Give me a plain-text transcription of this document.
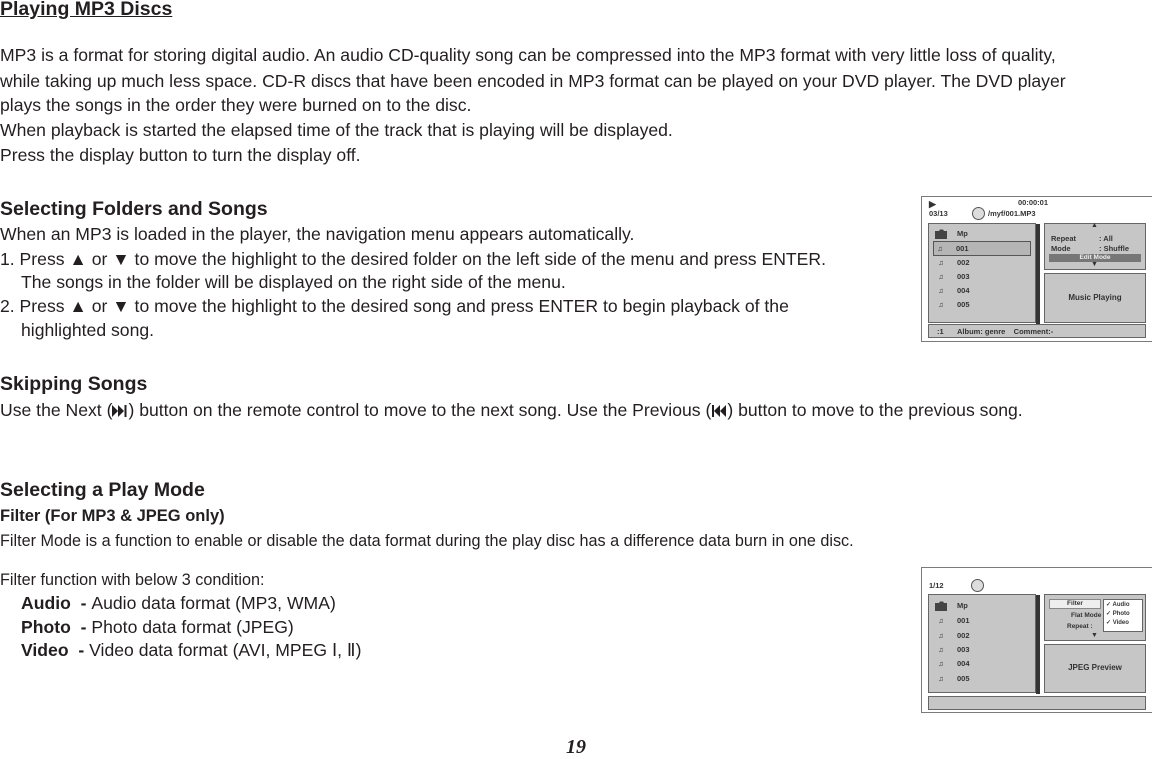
Playing MP3 Discs
MP3 is a format for storing digital audio. An audio CD-quality song can be compressed into the MP3 format with very little loss of quality,
while taking up much less space. CD-R discs that have been encoded in MP3 format can be played on your DVD player. The DVD player
plays the songs in the order they were burned on to the disc.
When playback is started the elapsed time of the track that is playing will be displayed.
Press the display button to turn the display off.
Selecting Folders and Songs
When an MP3 is loaded in the player, the navigation menu appears automatically.
1. Press ▲ or ▼ to move the highlight to the desired folder on the left side of the menu and press ENTER.
The songs in the folder will be displayed on the right side of the menu.
2. Press ▲ or ▼ to move the highlight to the desired song and press ENTER to begin playback of the
highlighted song.
Skipping Songs
Use the Next ( ) button on the remote control to move to the next song. Use the Previous ( ) button to move to the previous song.
Selecting a Play Mode
Filter (For MP3 & JPEG only)
Filter Mode is a function to enable or disable the data format during the play disc has a difference data burn in one disc.
Filter function with below 3 condition:
Audio  - Audio data format (MP3, WMA)
Photo  - Photo data format (JPEG)
Video  - Video data format (AVI, MPEG Ⅰ, Ⅱ)
19
▶	00:00:01
03/13	/myf/001.MP3
Mp
♫	001
♫	002
♫	003
♫	004
♫	005
▲
Repeat	: All
Mode	: Shuffle
Edit Mode
▼
Music Playing
:1 Album: genre    Comment:-
1/12
Mp
♫	001
♫	002
♫	003
♫	004
♫	005
Filter
Flat Mode
Repeat :
▼
✓ Audio
✓ Photo
✓ Video
JPEG Preview
